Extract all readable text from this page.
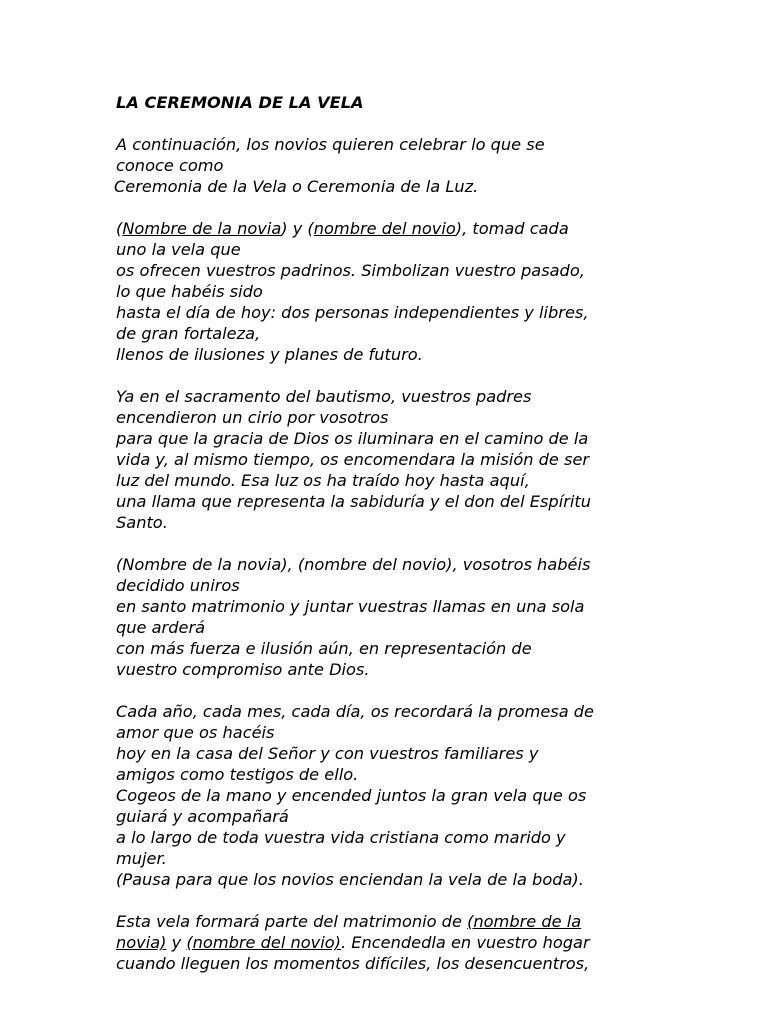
LA CEREMONIA DE LA VELA
A continuación, los novios quieren celebrar lo que se
conoce como
Ceremonia de la Vela o Ceremonia de la Luz.
(Nombre de la novia) y (nombre del novio), tomad cada
uno la vela que
os ofrecen vuestros padrinos. Simbolizan vuestro pasado,
lo que habéis sido
hasta el día de hoy: dos personas independientes y libres,
de gran fortaleza,
llenos de ilusiones y planes de futuro.
Ya en el sacramento del bautismo, vuestros padres
encendieron un cirio por vosotros
para que la gracia de Dios os iluminara en el camino de la
vida y, al mismo tiempo, os encomendara la misión de ser
luz del mundo. Esa luz os ha traído hoy hasta aquí,
una llama que representa la sabiduría y el don del Espíritu
Santo.
(Nombre de la novia), (nombre del novio), vosotros habéis
decidido uniros
en santo matrimonio y juntar vuestras llamas en una sola
que arderá
con más fuerza e ilusión aún, en representación de
vuestro compromiso ante Dios.
Cada año, cada mes, cada día, os recordará la promesa de
amor que os hacéis
hoy en la casa del Señor y con vuestros familiares y
amigos como testigos de ello.
Cogeos de la mano y encended juntos la gran vela que os
guiará y acompañará
a lo largo de toda vuestra vida cristiana como marido y
mujer.
(Pausa para que los novios enciendan la vela de la boda).
Esta vela formará parte del matrimonio de (nombre de la
novia) y (nombre del novio). Encendedla en vuestro hogar
cuando lleguen los momentos difíciles, los desencuentros,
